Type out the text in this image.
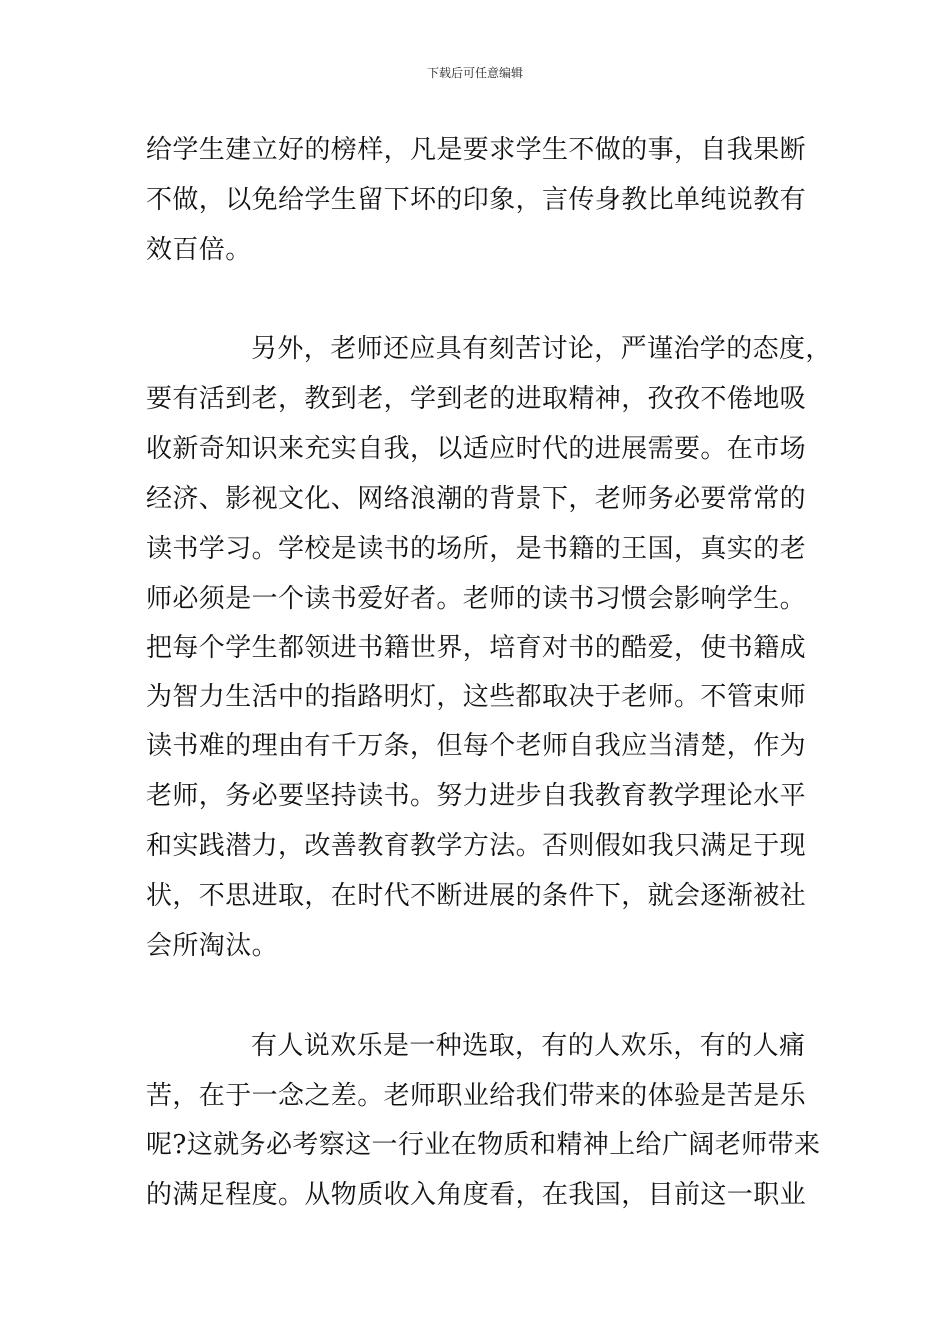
下载后可任意编辑
给学生建立好的榜样，凡是要求学生不做的事，自我果断
不做，以免给学生留下坏的印象，言传身教比单纯说教有
效百倍。
另外，老师还应具有刻苦讨论，严谨治学的态度，
要有活到老，教到老，学到老的进取精神，孜孜不倦地吸
收新奇知识来充实自我，以适应时代的进展需要。在市场
经济、影视文化、网络浪潮的背景下，老师务必要常常的
读书学习。学校是读书的场所，是书籍的王国，真实的老
师必须是一个读书爱好者。老师的读书习惯会影响学生。
把每个学生都领进书籍世界，培育对书的酷爱，使书籍成
为智力生活中的指路明灯，这些都取决于老师。不管束师
读书难的理由有千万条，但每个老师自我应当清楚，作为
老师，务必要坚持读书。努力进步自我教育教学理论水平
和实践潜力，改善教育教学方法。否则假如我只满足于现
状，不思进取，在时代不断进展的条件下，就会逐渐被社
会所淘汰。
有人说欢乐是一种选取，有的人欢乐，有的人痛
苦，在于一念之差。老师职业给我们带来的体验是苦是乐
呢?这就务必考察这一行业在物质和精神上给广阔老师带来
的满足程度。从物质收入角度看，在我国，目前这一职业
